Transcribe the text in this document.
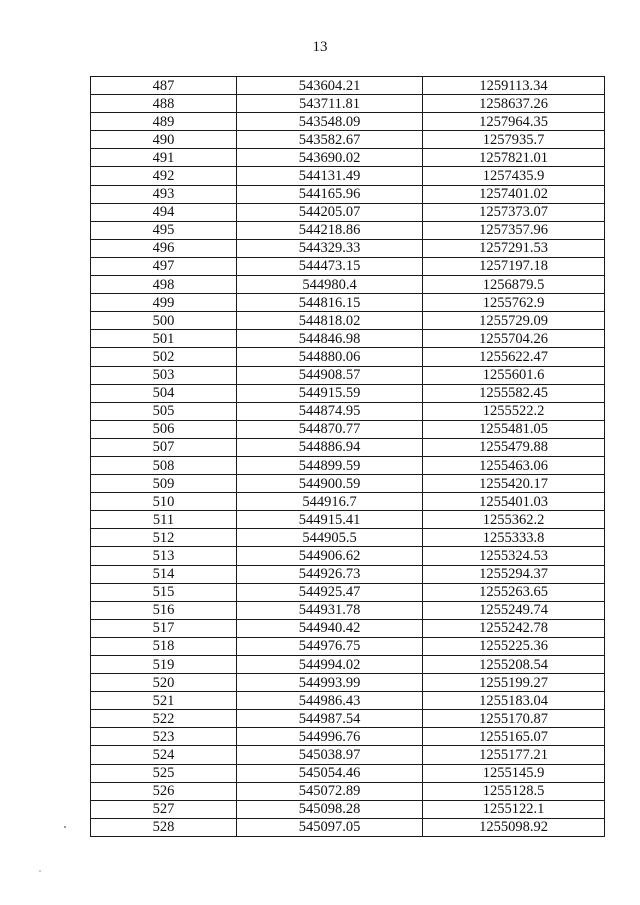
13
487	543604.21	1259113.34
488	543711.81	1258637.26
489	543548.09	1257964.35
490	543582.67	1257935.7
491	543690.02	1257821.01
492	544131.49	1257435.9
493	544165.96	1257401.02
494	544205.07	1257373.07
495	544218.86	1257357.96
496	544329.33	1257291.53
497	544473.15	1257197.18
498	544980.4	1256879.5
499	544816.15	1255762.9
500	544818.02	1255729.09
501	544846.98	1255704.26
502	544880.06	1255622.47
503	544908.57	1255601.6
504	544915.59	1255582.45
505	544874.95	1255522.2
506	544870.77	1255481.05
507	544886.94	1255479.88
508	544899.59	1255463.06
509	544900.59	1255420.17
510	544916.7	1255401.03
511	544915.41	1255362.2
512	544905.5	1255333.8
513	544906.62	1255324.53
514	544926.73	1255294.37
515	544925.47	1255263.65
516	544931.78	1255249.74
517	544940.42	1255242.78
518	544976.75	1255225.36
519	544994.02	1255208.54
520	544993.99	1255199.27
521	544986.43	1255183.04
522	544987.54	1255170.87
523	544996.76	1255165.07
524	545038.97	1255177.21
525	545054.46	1255145.9
526	545072.89	1255128.5
527	545098.28	1255122.1
528	545097.05	1255098.92
